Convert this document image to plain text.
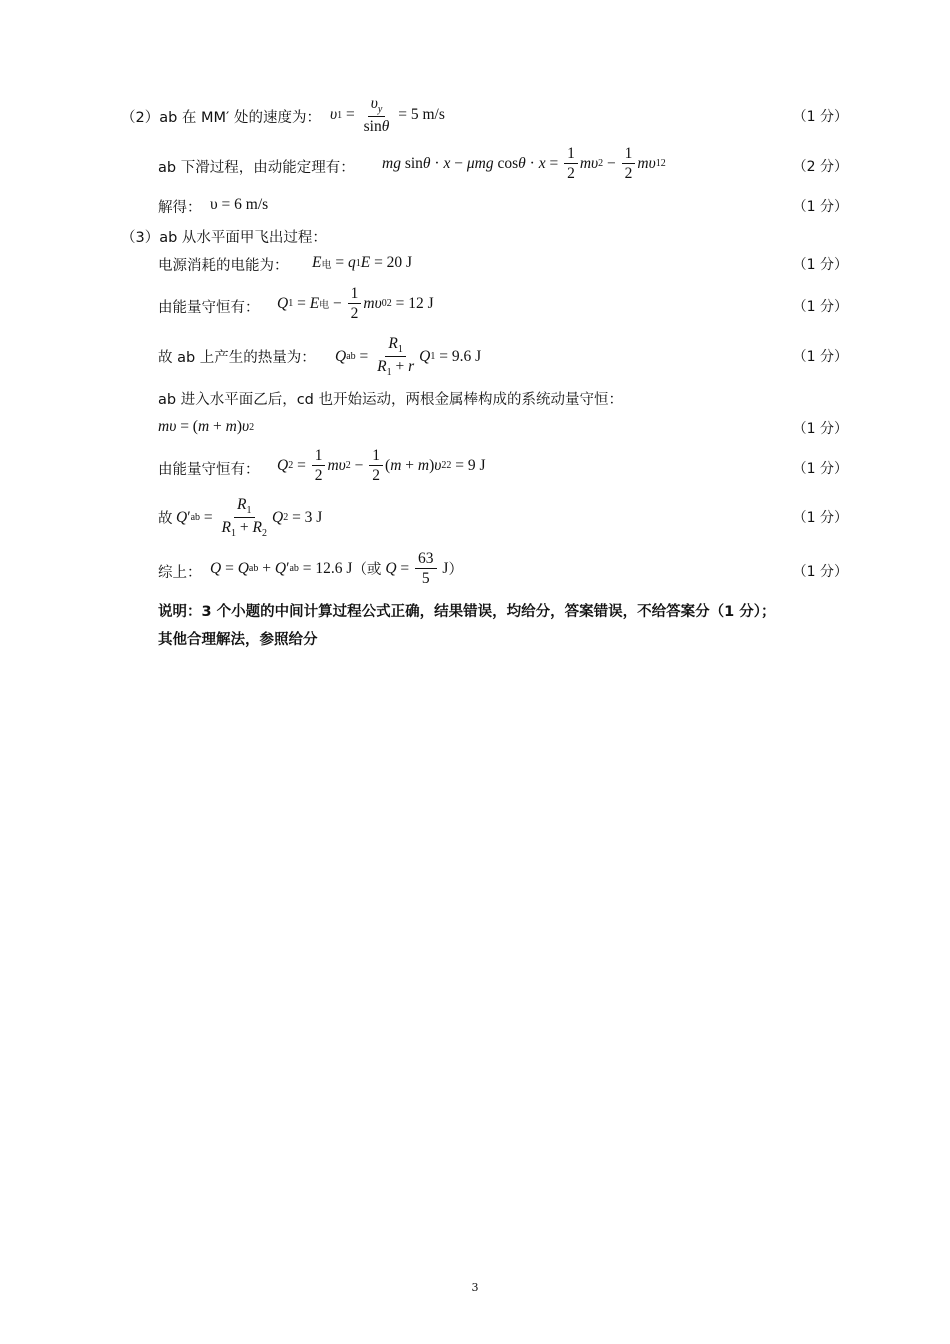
（2）ab 在 MM′ 处的速度为： υ $1 = \frac{\upsilon_y}{\sin\theta} = 5$ m/s	（1 分）
ab 下滑过程，由动能定理有： mg sin θ · x − μmg $\cos \theta \cdot x = \frac{1}{2}$ mυ $2 - \frac{1}{2}$ mυ 1 2	（2 分）
解得： υ = 6 m/s	（1 分）
（3）ab 从水平面甲飞出过程：
电源消耗的电能为： E 电 = q 1 E = 20 J	（1 分）
由能量守恒有： Q 1 = E 电 − $\frac{1}{2}$ mυ 0 2 = 12 J	（1 分）
故 ab 上产生的热量为： Q ab = $\frac{R_1}{R_1 + r}$ Q 1 = 9.6 J	（1 分）
ab 进入水平面乙后，cd 也开始运动，两根金属棒构成的系统动量守恒：
mυ = ( m + m ) υ 2	（1 分）
由能量守恒有： Q $2 = \frac{1}{2}$ mυ $2 - \frac{1}{2}$ ( m + m ) υ 2 2 = 9 J	（1 分）
故 Q ′ ab = $\frac{R_1}{R_1 + R_2}$ Q 2 = 3 J	（1 分）
综上： Q = Q ab + Q ′ ab = 12.6 J （或
$Q = \frac{63}{5}$ J ）	（1 分）
说明：3 个小题的中间计算过程公式正确，结果错误，均给分，答案错误，不给答案分（1 分）；
其他合理解法，参照给分
3
